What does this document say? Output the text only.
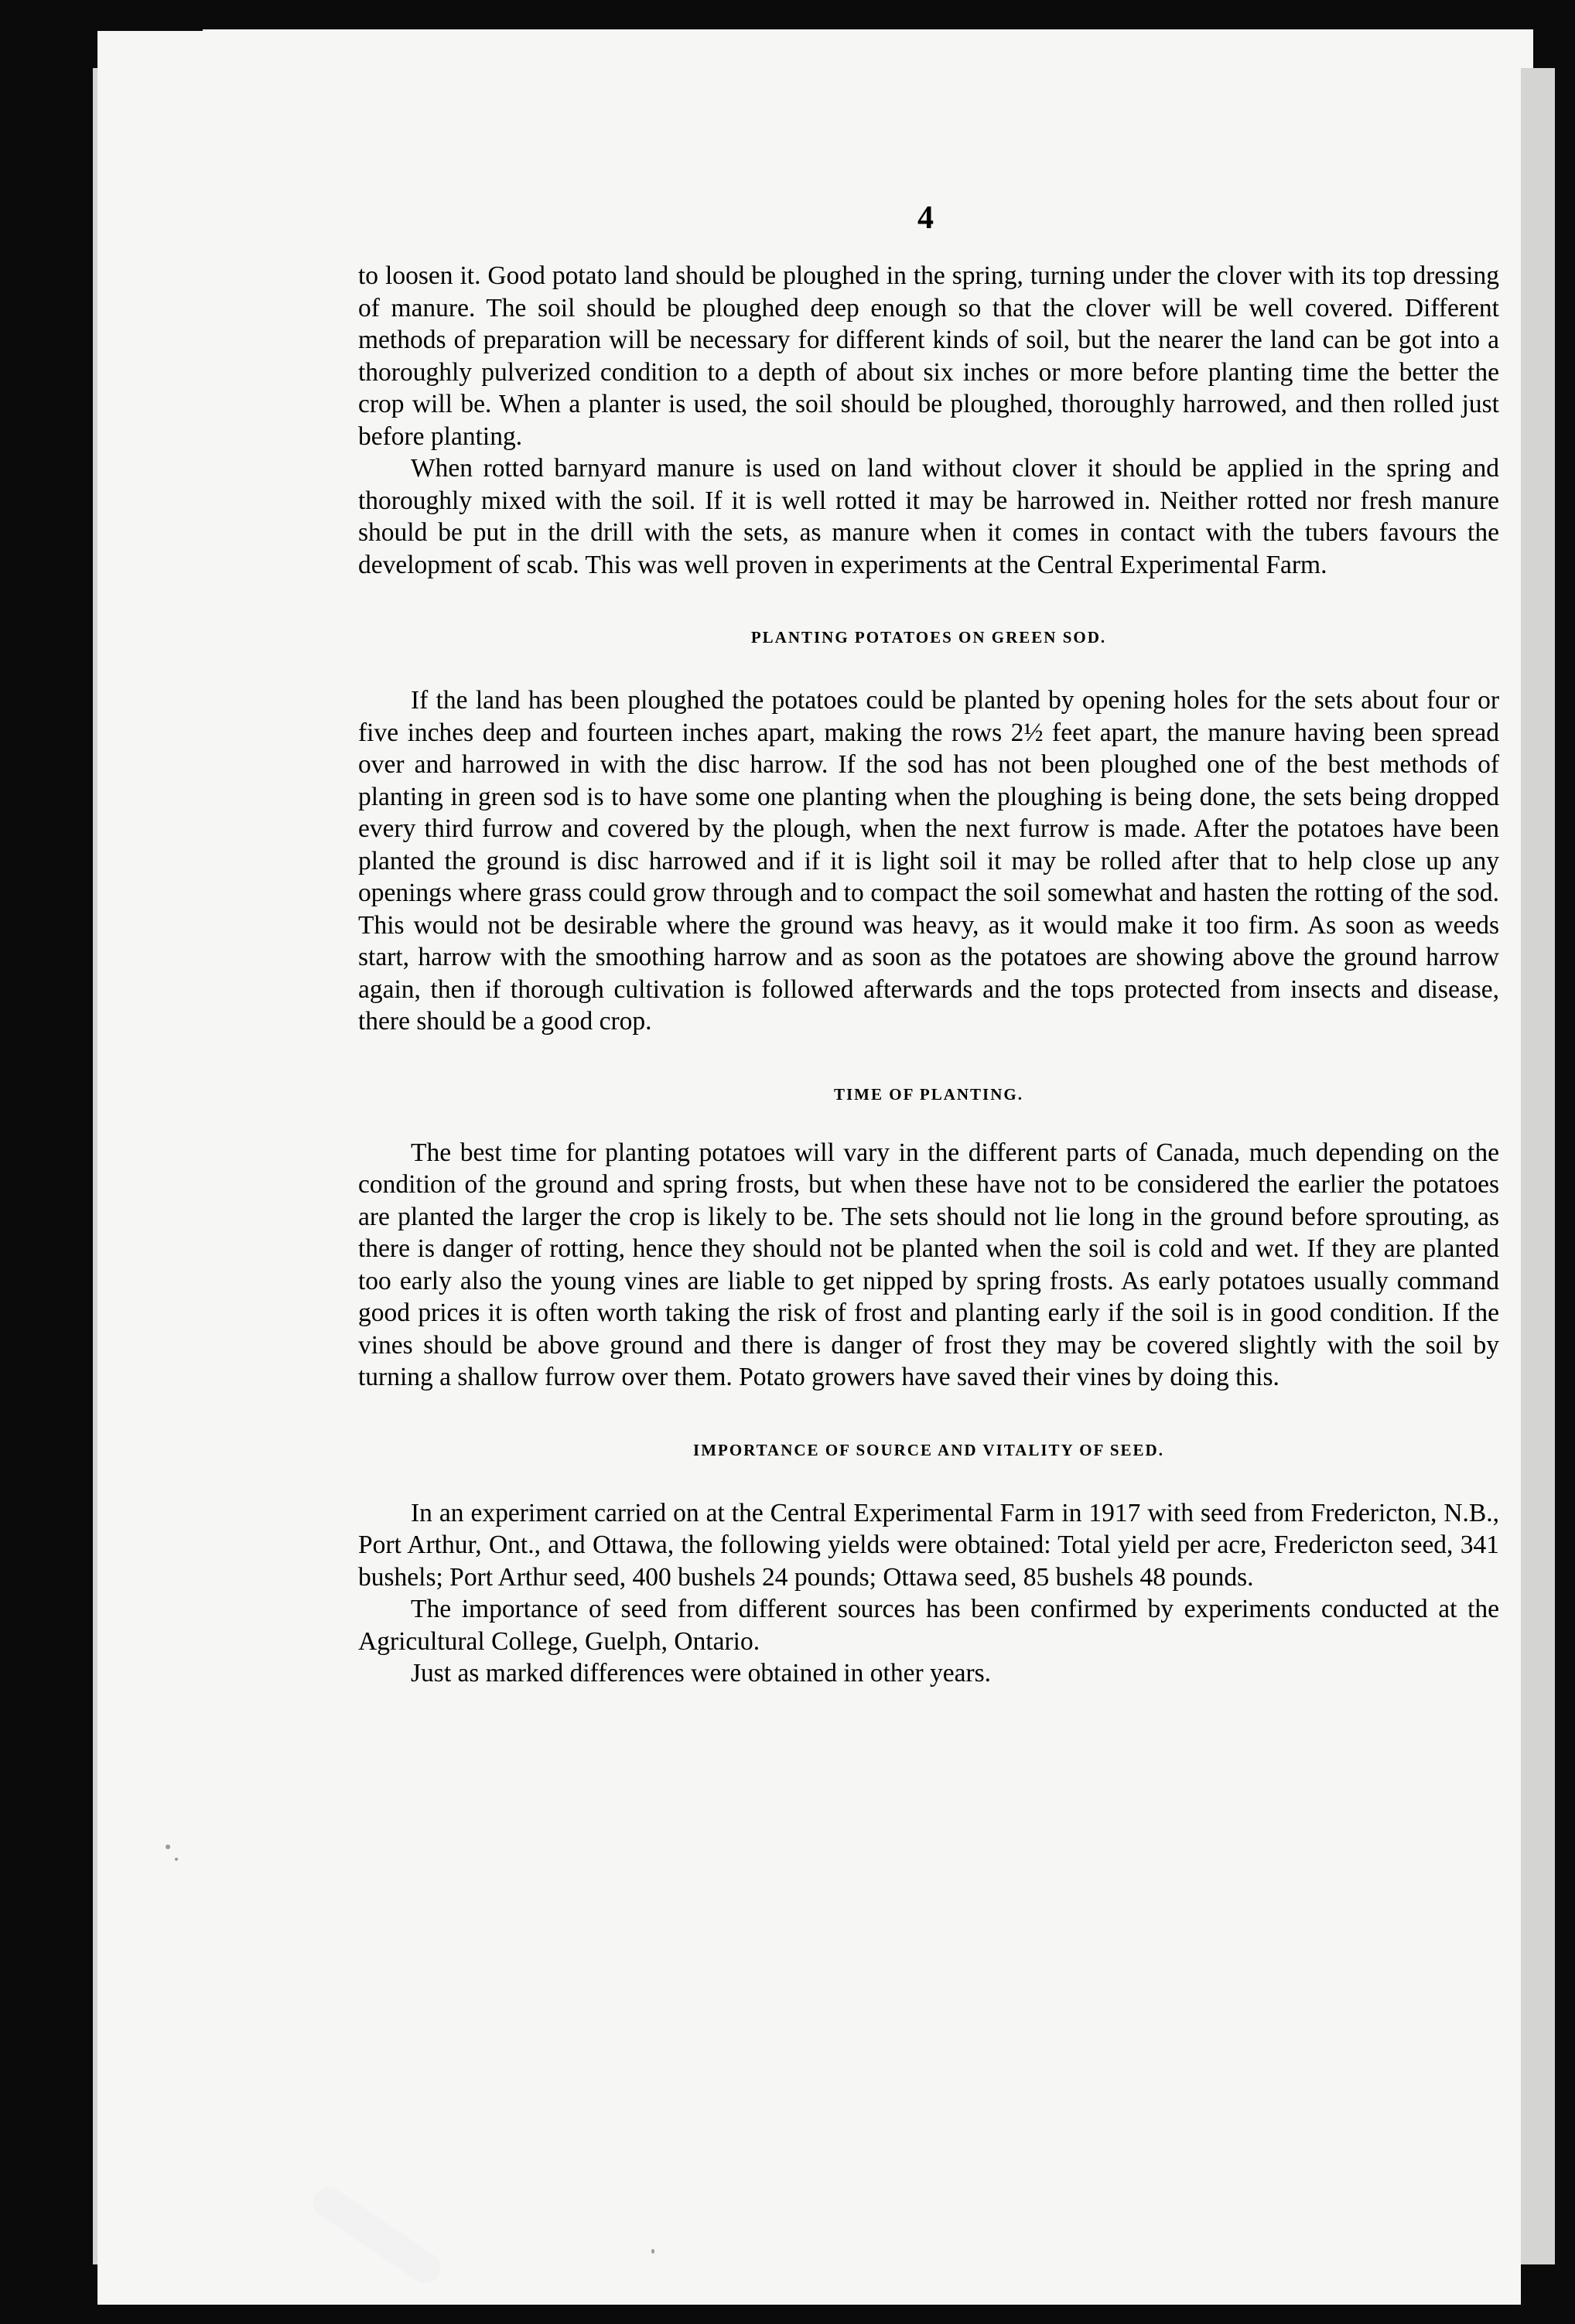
4

to loosen it. Good potato land should be ploughed in the spring, turning under the clover with its top dressing of manure. The soil should be ploughed deep enough so that the clover will be well covered. Different methods of preparation will be necessary for different kinds of soil, but the nearer the land can be got into a thoroughly pulverized condition to a depth of about six inches or more before planting time the better the crop will be. When a planter is used, the soil should be ploughed, thoroughly harrowed, and then rolled just before planting.

When rotted barnyard manure is used on land without clover it should be applied in the spring and thoroughly mixed with the soil. If it is well rotted it may be harrowed in. Neither rotted nor fresh manure should be put in the drill with the sets, as manure when it comes in contact with the tubers favours the development of scab. This was well proven in experiments at the Central Experimental Farm.

PLANTING POTATOES ON GREEN SOD.

If the land has been ploughed the potatoes could be planted by opening holes for the sets about four or five inches deep and fourteen inches apart, making the rows 2½ feet apart, the manure having been spread over and harrowed in with the disc harrow. If the sod has not been ploughed one of the best methods of planting in green sod is to have some one planting when the ploughing is being done, the sets being dropped every third furrow and covered by the plough, when the next furrow is made. After the potatoes have been planted the ground is disc harrowed and if it is light soil it may be rolled after that to help close up any openings where grass could grow through and to compact the soil somewhat and hasten the rotting of the sod. This would not be desirable where the ground was heavy, as it would make it too firm. As soon as weeds start, harrow with the smoothing harrow and as soon as the potatoes are showing above the ground harrow again, then if thorough cultivation is followed afterwards and the tops protected from insects and disease, there should be a good crop.

TIME OF PLANTING.

The best time for planting potatoes will vary in the different parts of Canada, much depending on the condition of the ground and spring frosts, but when these have not to be considered the earlier the potatoes are planted the larger the crop is likely to be. The sets should not lie long in the ground before sprouting, as there is danger of rotting, hence they should not be planted when the soil is cold and wet. If they are planted too early also the young vines are liable to get nipped by spring frosts. As early potatoes usually command good prices it is often worth taking the risk of frost and planting early if the soil is in good condition. If the vines should be above ground and there is danger of frost they may be covered slightly with the soil by turning a shallow furrow over them. Potato growers have saved their vines by doing this.

IMPORTANCE OF SOURCE AND VITALITY OF SEED.

In an experiment carried on at the Central Experimental Farm in 1917 with seed from Fredericton, N.B., Port Arthur, Ont., and Ottawa, the following yields were obtained: Total yield per acre, Fredericton seed, 341 bushels; Port Arthur seed, 400 bushels 24 pounds; Ottawa seed, 85 bushels 48 pounds.

The importance of seed from different sources has been confirmed by experiments conducted at the Agricultural College, Guelph, Ontario.

Just as marked differences were obtained in other years.
